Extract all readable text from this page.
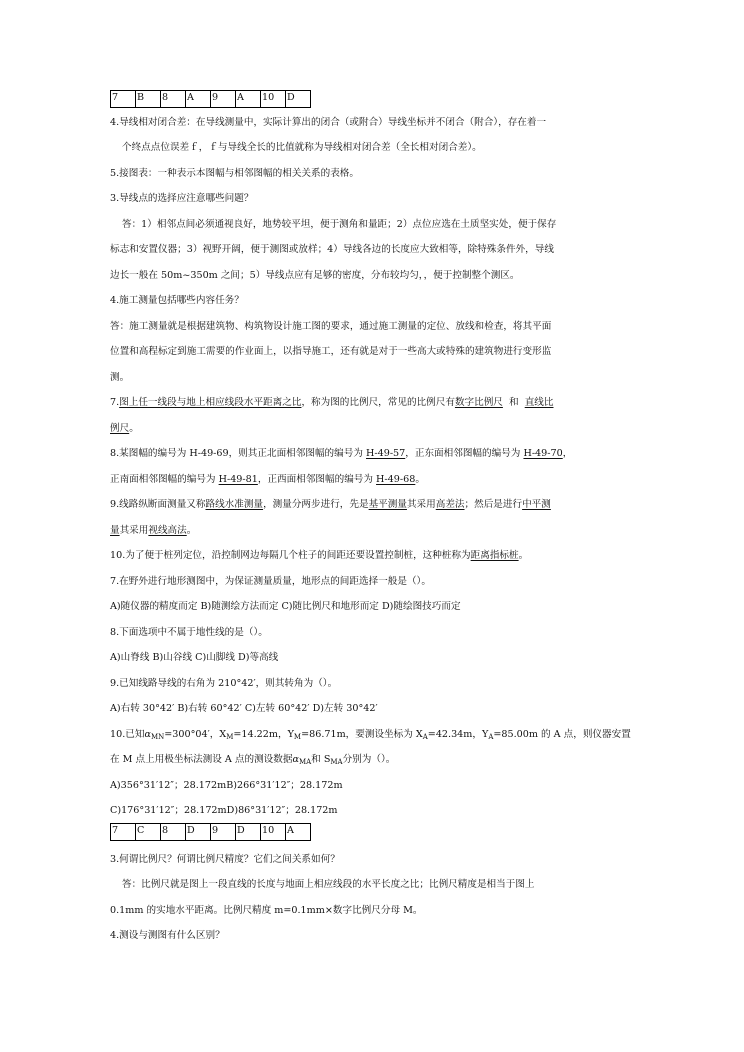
7	B	8	A	9	A	10	D
4.导线相对闭合差：在导线测量中，实际计算出的闭合（或附合）导线坐标并不闭合（附合），存在着一
个终点点位误差ｆ，ｆ与导线全长的比值就称为导线相对闭合差（全长相对闭合差）。
5.接图表：一种表示本图幅与相邻图幅的相关关系的表格。
3.导线点的选择应注意哪些问题？
答：1）相邻点间必须通视良好，地势较平坦，便于测角和量距；2）点位应选在土质坚实处，便于保存
标志和安置仪器；3）视野开阔，便于测图或放样；4）导线各边的长度应大致相等，除特殊条件外，导线
边长一般在 50m~350m 之间；5）导线点应有足够的密度，分布较均匀，，便于控制整个测区。
4.施工测量包括哪些内容任务？
答：施工测量就是根据建筑物、构筑物设计施工图的要求，通过施工测量的定位、放线和检查，将其平面
位置和高程标定到施工需要的作业面上，以指导施工，还有就是对于一些高大或特殊的建筑物进行变形监
测。
7.图上任一线段与地上相应线段水平距离之比，称为图的比例尺，常见的比例尺有数字比例尺  和  直线比
例尺。
8.某图幅的编号为 H-49-69，则其正北面相邻图幅的编号为 H-49-57，正东面相邻图幅的编号为 H-49-70，
正南面相邻图幅的编号为 H-49-81，正西面相邻图幅的编号为 H-49-68。
9.线路纵断面测量又称路线水准测量，测量分两步进行，先是基平测量其采用高差法；然后是进行中平测
量其采用视线高法。
10.为了便于桩列定位，沿控制网边每隔几个柱子的间距还要设置控制桩，这种桩称为距离指标桩。
7.在野外进行地形测图中，为保证测量质量，地形点的间距选择一般是（）。
A)随仪器的精度而定 B)随测绘方法而定 C)随比例尺和地形而定 D)随绘图技巧而定
8.下面选项中不属于地性线的是（）。
A)山脊线 B)山谷线 C)山脚线 D)等高线
9.已知线路导线的右角为 210°42′，则其转角为（）。
A)右转 30°42′ B)右转 60°42′ C)左转 60°42′ D)左转 30°42′
10.已知$\alpha_{MN}=300^\circ 04'$，$X_M=14.22m$，$Y_M=86.71m$，要测设坐标为 $X_A=42.34m$，$Y_A=85.00m$ 的 A 点，则仪器安置
在 M 点上用极坐标法测设 A 点的测设数据$\alpha_{MA}$和 $S_{MA}$分别为（）。
A)356°31′12″；28.172mB)266°31′12″；28.172m
C)176°31′12″；28.172mD)86°31′12″；28.172m
7	C	8	D	9	D	10	A
3.何谓比例尺？何谓比例尺精度？它们之间关系如何？
答：比例尺就是图上一段直线的长度与地面上相应线段的水平长度之比；比例尺精度是相当于图上
0.1mm 的实地水平距离。比例尺精度 m=0.1mm×数字比例尺分母 M。
4.测设与测图有什么区别？
